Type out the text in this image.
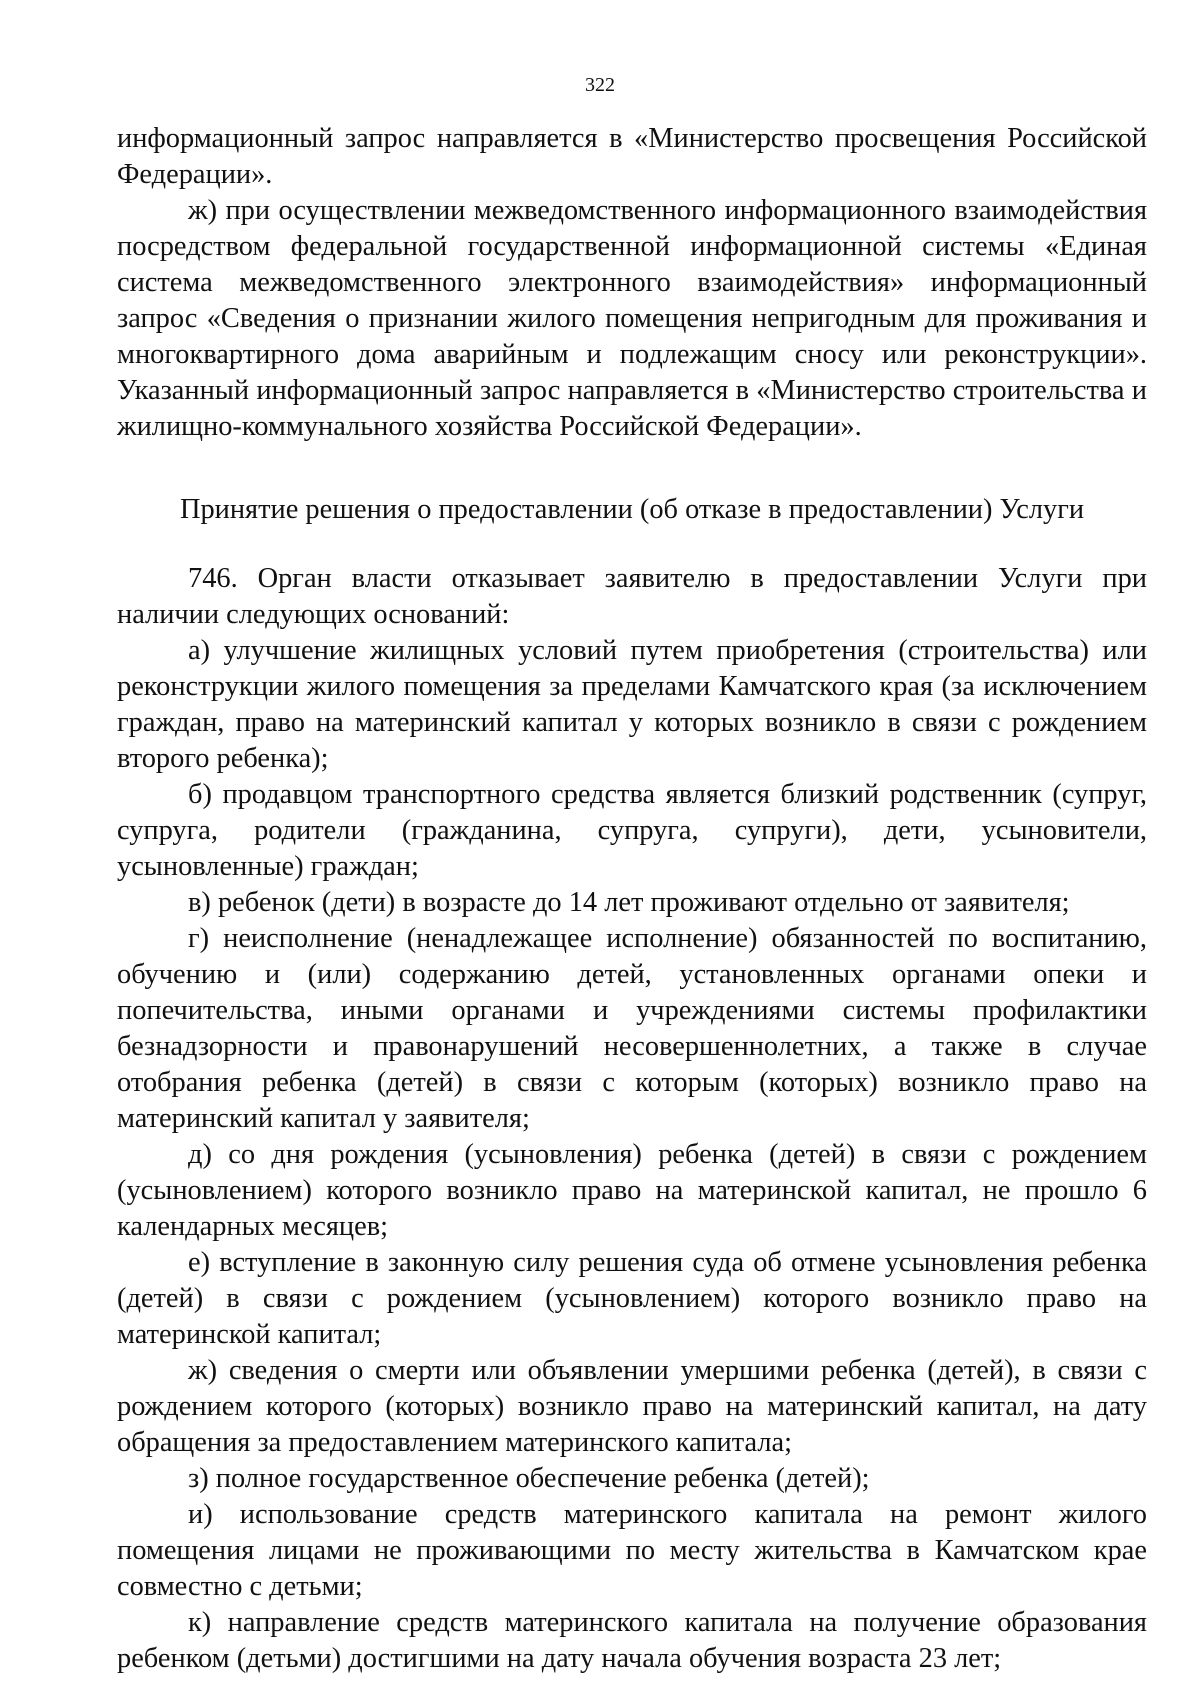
322

информационный запрос направляется в «Министерство просвещения Российской Федерации».

ж) при осуществлении межведомственного информационного взаимодействия посредством федеральной государственной информационной системы «Единая система межведомственного электронного взаимодействия» информационный запрос «Сведения о признании жилого помещения непригодным для проживания и многоквартирного дома аварийным и подлежащим сносу или реконструкции». Указанный информационный запрос направляется в «Министерство строительства и жилищно-коммунального хозяйства Российской Федерации».

Принятие решения о предоставлении (об отказе в предоставлении) Услуги

746. Орган власти отказывает заявителю в предоставлении Услуги при наличии следующих оснований:

а) улучшение жилищных условий путем приобретения (строительства) или реконструкции жилого помещения за пределами Камчатского края (за исключением граждан, право на материнский капитал у которых возникло в связи с рождением второго ребенка);

б) продавцом транспортного средства является близкий родственник (супруг, супруга, родители (гражданина, супруга, супруги), дети, усыновители, усыновленные) граждан;

в) ребенок (дети) в возрасте до 14 лет проживают отдельно от заявителя;

г) неисполнение (ненадлежащее исполнение) обязанностей по воспитанию, обучению и (или) содержанию детей, установленных органами опеки и попечительства, иными органами и учреждениями системы профилактики безнадзорности и правонарушений несовершеннолетних, а также в случае отобрания ребенка (детей) в связи с которым (которых) возникло право на материнский капитал у заявителя;

д) со дня рождения (усыновления) ребенка (детей) в связи с рождением (усыновлением) которого возникло право на материнской капитал, не прошло 6 календарных месяцев;

е) вступление в законную силу решения суда об отмене усыновления ребенка (детей) в связи с рождением (усыновлением) которого возникло право на материнской капитал;

ж) сведения о смерти или объявлении умершими ребенка (детей), в связи с рождением которого (которых) возникло право на материнский капитал, на дату обращения за предоставлением материнского капитала;

з) полное государственное обеспечение ребенка (детей);

и) использование средств материнского капитала на ремонт жилого помещения лицами не проживающими по месту жительства в Камчатском крае совместно с детьми;

к) направление средств материнского капитала на получение образования ребенком (детьми) достигшими на дату начала обучения возраста 23 лет;
